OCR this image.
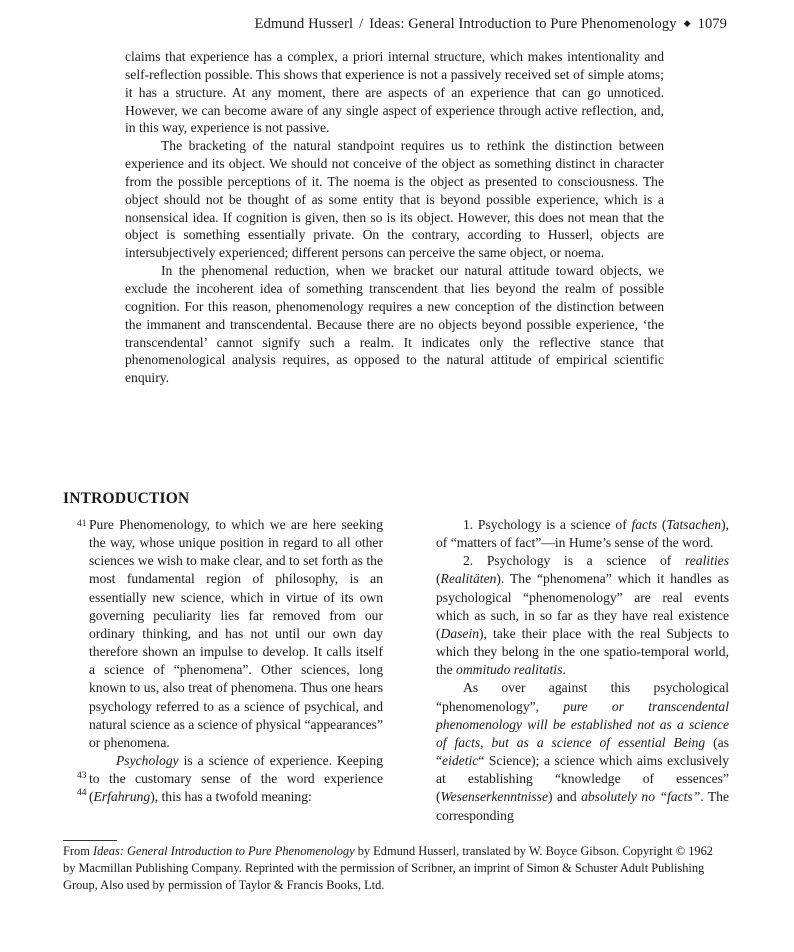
Edmund Husserl / Ideas: General Introduction to Pure Phenomenology ◆ 1079

claims that experience has a complex, a priori internal structure, which makes intentionality and self-reflection possible. This shows that experience is not a passively received set of simple atoms; it has a structure. At any moment, there are aspects of an experience that can go unnoticed. However, we can become aware of any single aspect of experience through active reflection, and, in this way, experience is not passive.

The bracketing of the natural standpoint requires us to rethink the distinction between experience and its object. We should not conceive of the object as something distinct in character from the possible perceptions of it. The noema is the object as presented to consciousness. The object should not be thought of as some entity that is beyond possible experience, which is a nonsensical idea. If cognition is given, then so is its object. However, this does not mean that the object is something essentially private. On the contrary, according to Husserl, objects are intersubjectively experienced; different persons can perceive the same object, or noema.

In the phenomenal reduction, when we bracket our natural attitude toward objects, we exclude the incoherent idea of something transcendent that lies beyond the realm of possible cognition. For this reason, phenomenology requires a new conception of the distinction between the immanent and transcendental. Because there are no objects beyond possible experience, ‘the transcendental’ cannot signify such a realm. It indicates only the reflective stance that phenomenological analysis requires, as opposed to the natural attitude of empirical scientific enquiry.

INTRODUCTION
41
43
44

Pure Phenomenology, to which we are here seeking the way, whose unique position in regard to all other sciences we wish to make clear, and to set forth as the most fundamental region of philosophy, is an essentially new science, which in virtue of its own governing peculiarity lies far removed from our ordinary thinking, and has not until our own day therefore shown an impulse to develop. It calls itself a science of “phenomena”. Other sciences, long known to us, also treat of phenomena. Thus one hears psychology referred to as a science of psychical, and natural science as a science of physical “appearances” or phenomena.

Psychology is a science of experience. Keeping to the customary sense of the word experience (Erfahrung), this has a twofold meaning:

1. Psychology is a science of facts (Tatsachen), of “matters of fact”—in Hume’s sense of the word.

2. Psychology is a science of realities (Realitäten). The “phenomena” which it handles as psychological “phenomenology” are real events which as such, in so far as they have real existence (Dasein), take their place with the real Subjects to which they belong in the one spatio-temporal world, the ommitudo realitatis.

As over against this psychological “phenomenology”, pure or transcendental phenomenology will be established not as a science of facts, but as a science of essential Being (as “eidetic“ Science); a science which aims exclusively at establishing “knowledge of essences” (Wesenserkenntnisse) and absolutely no “facts”. The corresponding

From Ideas: General Introduction to Pure Phenomenology by Edmund Husserl, translated by W. Boyce Gibson. Copyright © 1962 by Macmillan Publishing Company. Reprinted with the permission of Scribner, an imprint of Simon & Schuster Adult Publishing Group, Also used by permission of Taylor & Francis Books, Ltd.
